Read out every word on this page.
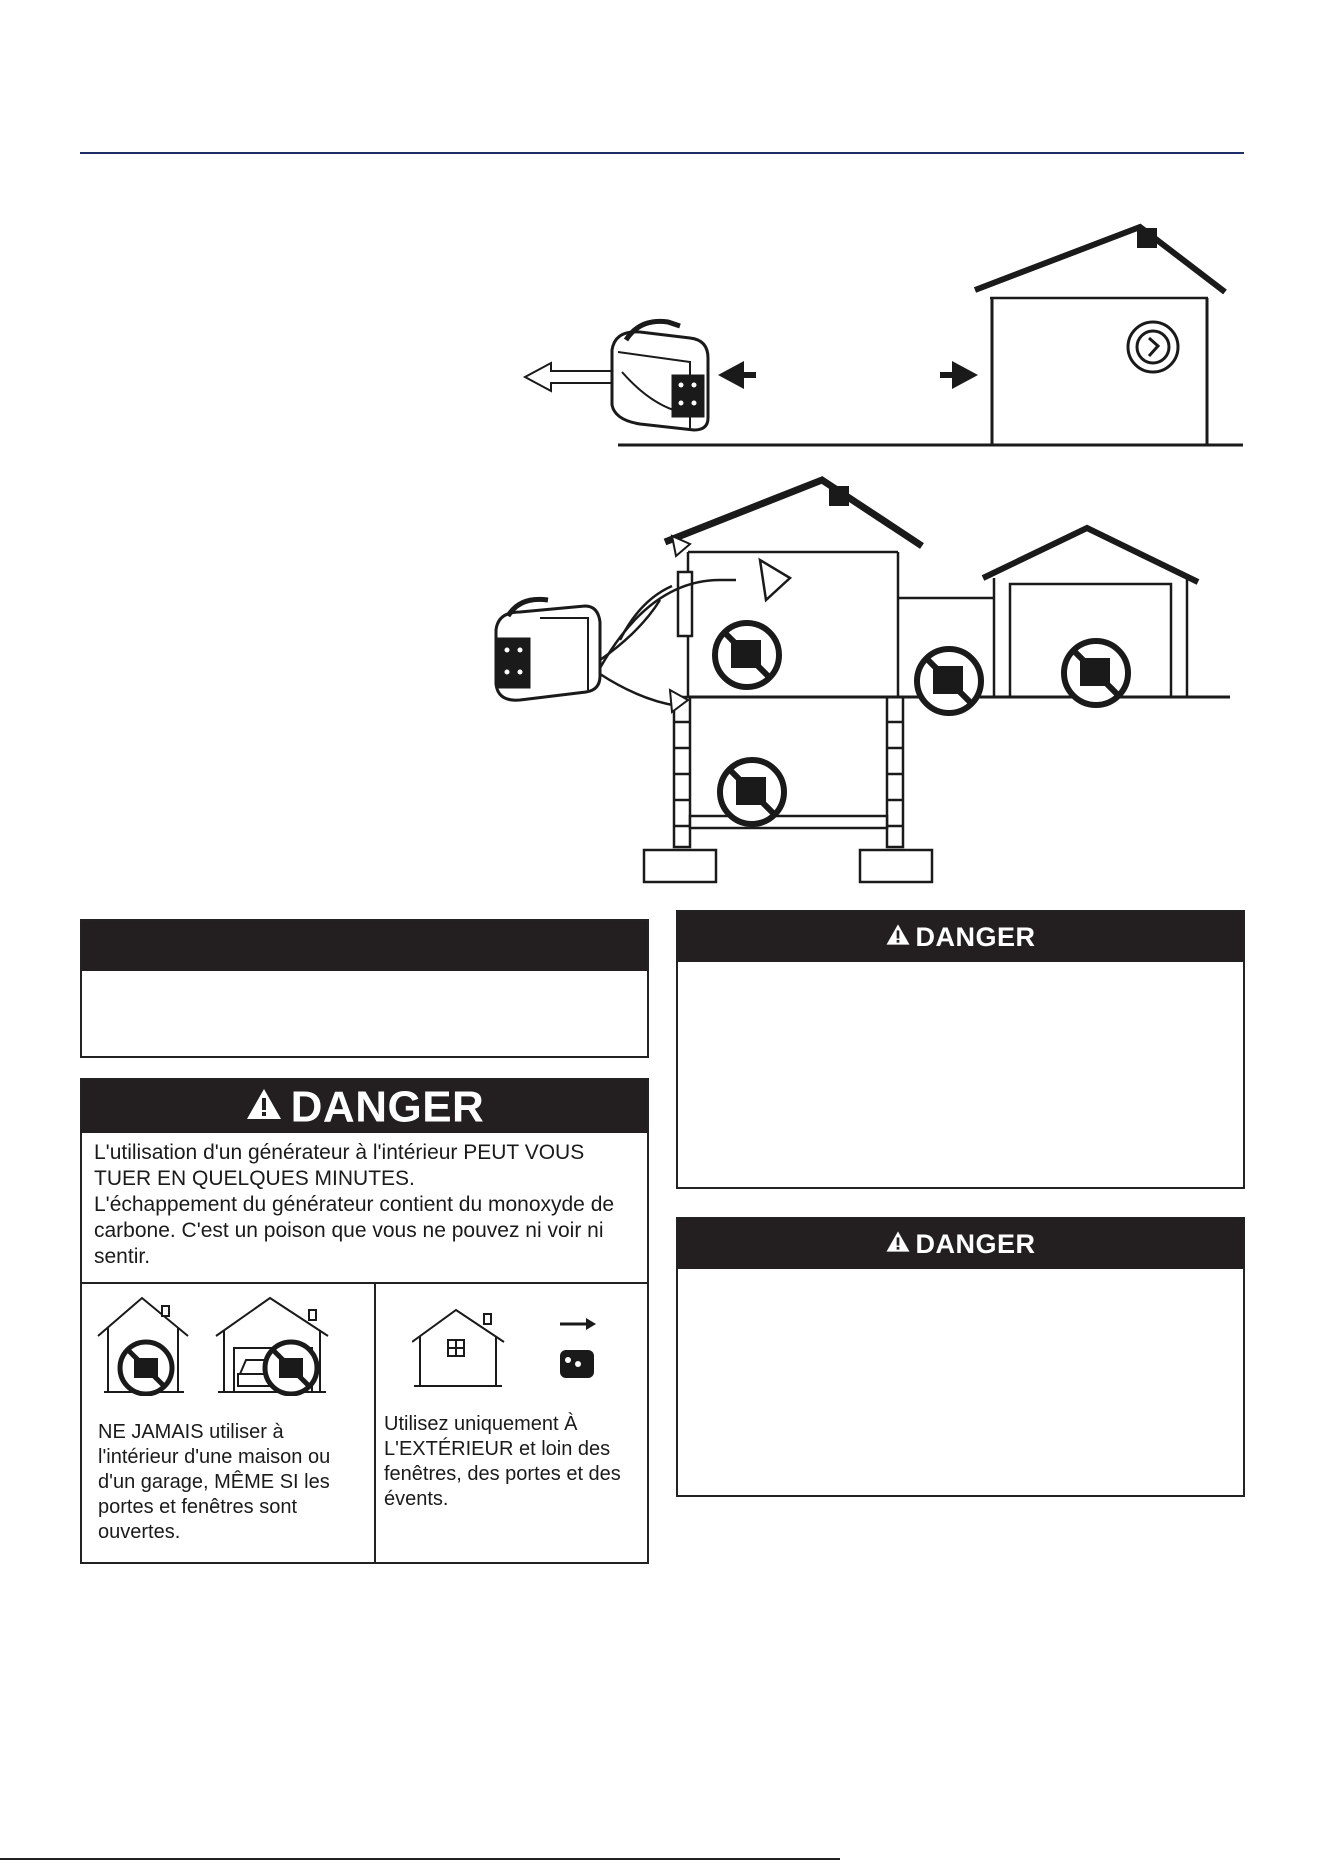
DANGER
L'utilisation d'un générateur à l'intérieur PEUT VOUS TUER EN QUELQUES MINUTES.
L'échappement du générateur contient du monoxyde de carbone. C'est un poison que vous ne pouvez ni voir ni sentir.
NE JAMAIS utiliser à l'intérieur d'une maison ou d'un garage, MÊME SI les portes et fenêtres sont ouvertes.
Utilisez uniquement À L'EXTÉRIEUR et loin des fenêtres, des portes et des évents.
DANGER
DANGER
